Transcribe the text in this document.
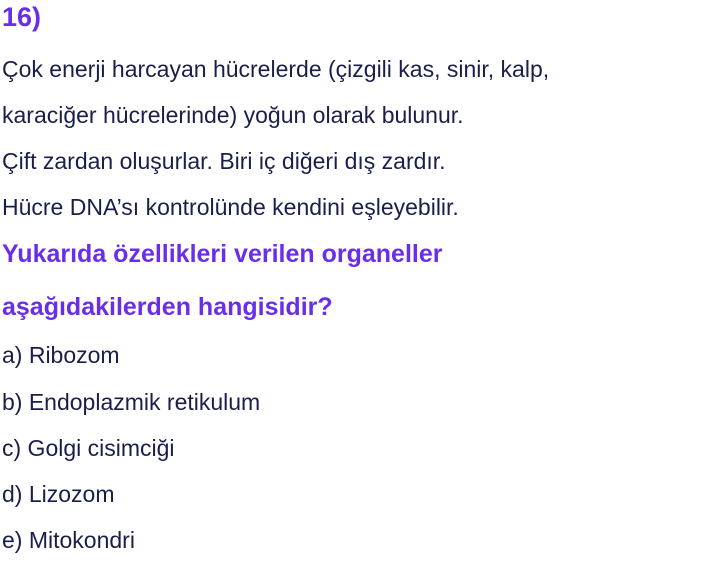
16)
Çok enerji harcayan hücrelerde (çizgili kas, sinir, kalp,
karaciğer hücrelerinde) yoğun olarak bulunur.
Çift zardan oluşurlar. Biri iç diğeri dış zardır.
Hücre DNA’sı kontrolünde kendini eşleyebilir.
Yukarıda özellikleri verilen organeller
aşağıdakilerden hangisidir?
a) Ribozom
b) Endoplazmik retikulum
c) Golgi cisimciği
d) Lizozom
e) Mitokondri
